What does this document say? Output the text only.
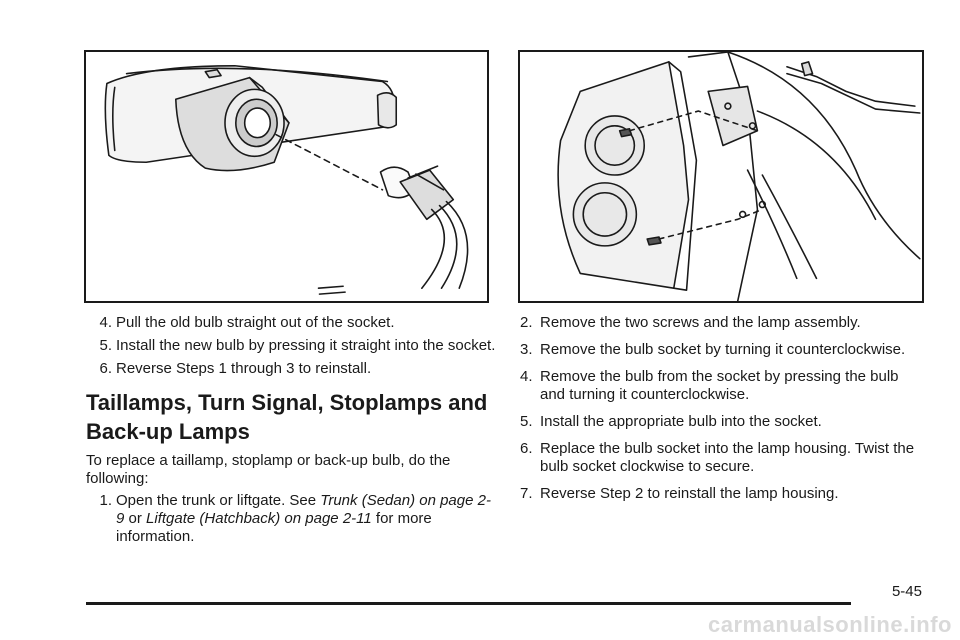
4. Pull the old bulb straight out of the socket.
5. Install the new bulb by pressing it straight into the socket.
6. Reverse Steps 1 through 3 to reinstall.
Taillamps, Turn Signal, Stoplamps and Back-up Lamps

To replace a taillamp, stoplamp or back-up bulb, do the following:

1. Open the trunk or liftgate. See Trunk (Sedan) on page 2-9 or Liftgate (Hatchback) on page 2-11 for more information.
2. Remove the two screws and the lamp assembly.
3. Remove the bulb socket by turning it counterclockwise.
4. Remove the bulb from the socket by pressing the bulb and turning it counterclockwise.
5. Install the appropriate bulb into the socket.
6. Replace the bulb socket into the lamp housing. Twist the bulb socket clockwise to secure.
7. Reverse Step 2 to reinstall the lamp housing.
5-45
carmanualsonline.info
